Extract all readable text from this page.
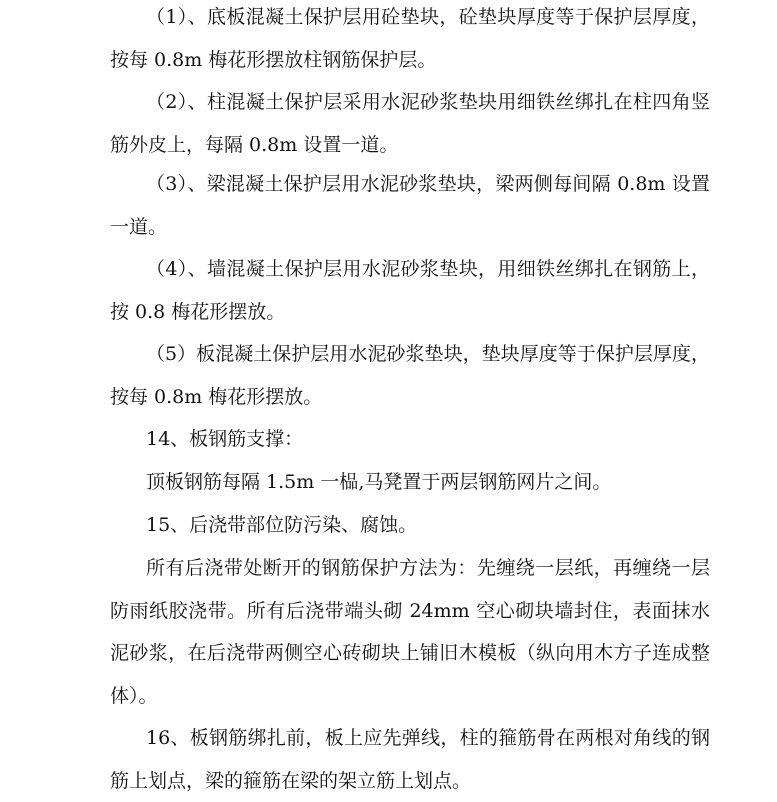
（1）、底板混凝土保护层用砼垫块，砼垫块厚度等于保护层厚度，按每 0.8m 梅花形摆放柱钢筋保护层。

（2）、柱混凝土保护层采用水泥砂浆垫块用细铁丝绑扎在柱四角竖筋外皮上，每隔 0.8m 设置一道。

（3）、梁混凝土保护层用水泥砂浆垫块，梁两侧每间隔 0.8m 设置一道。

（4）、墙混凝土保护层用水泥砂浆垫块，用细铁丝绑扎在钢筋上，按 0.8 梅花形摆放。

（5）板混凝土保护层用水泥砂浆垫块，垫块厚度等于保护层厚度，按每 0.8m 梅花形摆放。

14、板钢筋支撑：

顶板钢筋每隔 1.5m 一榀,马凳置于两层钢筋网片之间。

15、后浇带部位防污染、腐蚀。

所有后浇带处断开的钢筋保护方法为：先缠绕一层纸，再缠绕一层防雨纸胶浇带。所有后浇带端头砌 24mm 空心砌块墙封住，表面抹水泥砂浆，在后浇带两侧空心砖砌块上铺旧木模板（纵向用木方子连成整体）。

16、板钢筋绑扎前，板上应先弹线，柱的箍筋骨在两根对角线的钢筋上划点，梁的箍筋在梁的架立筋上划点。
